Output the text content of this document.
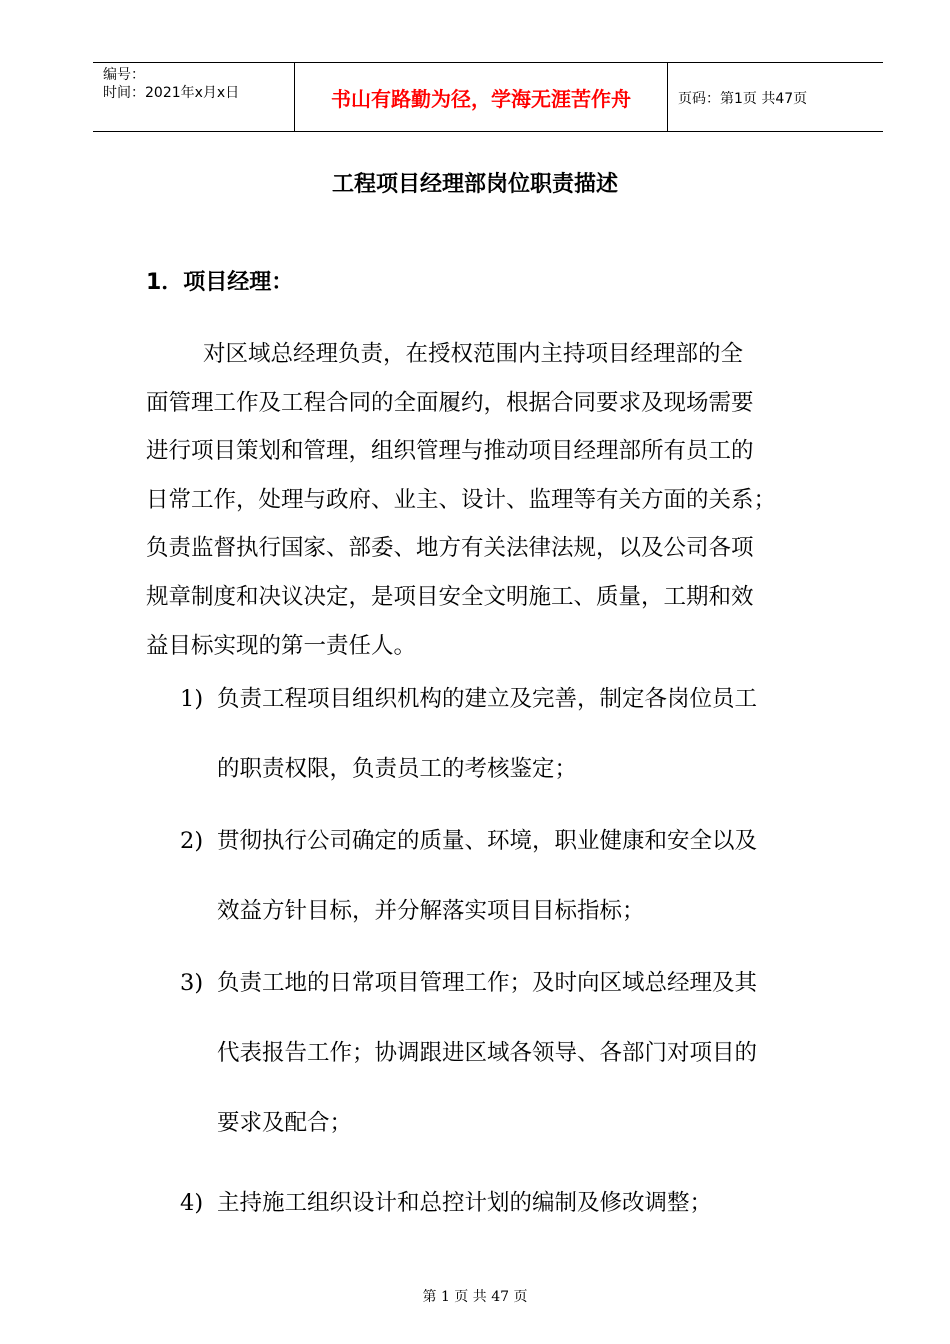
编号：
时间：2021年x月x日	书山有路勤为径，学海无涯苦作舟	页码：第1页 共47页
工程项目经理部岗位职责描述
1．项目经理：
对区域总经理负责，在授权范围内主持项目经理部的全
面管理工作及工程合同的全面履约，根据合同要求及现场需要
进行项目策划和管理，组织管理与推动项目经理部所有员工的
日常工作，处理与政府、业主、设计、监理等有关方面的关系；
负责监督执行国家、部委、地方有关法律法规，以及公司各项
规章制度和决议决定，是项目安全文明施工、质量，工期和效
益目标实现的第一责任人。
1) 负责工程项目组织机构的建立及完善，制定各岗位员工
的职责权限，负责员工的考核鉴定；
2) 贯彻执行公司确定的质量、环境，职业健康和安全以及
效益方针目标，并分解落实项目目标指标；
3) 负责工地的日常项目管理工作；及时向区域总经理及其
代表报告工作；协调跟进区域各领导、各部门对项目的
要求及配合；
4) 主持施工组织设计和总控计划的编制及修改调整；
第 1 页 共 47 页
